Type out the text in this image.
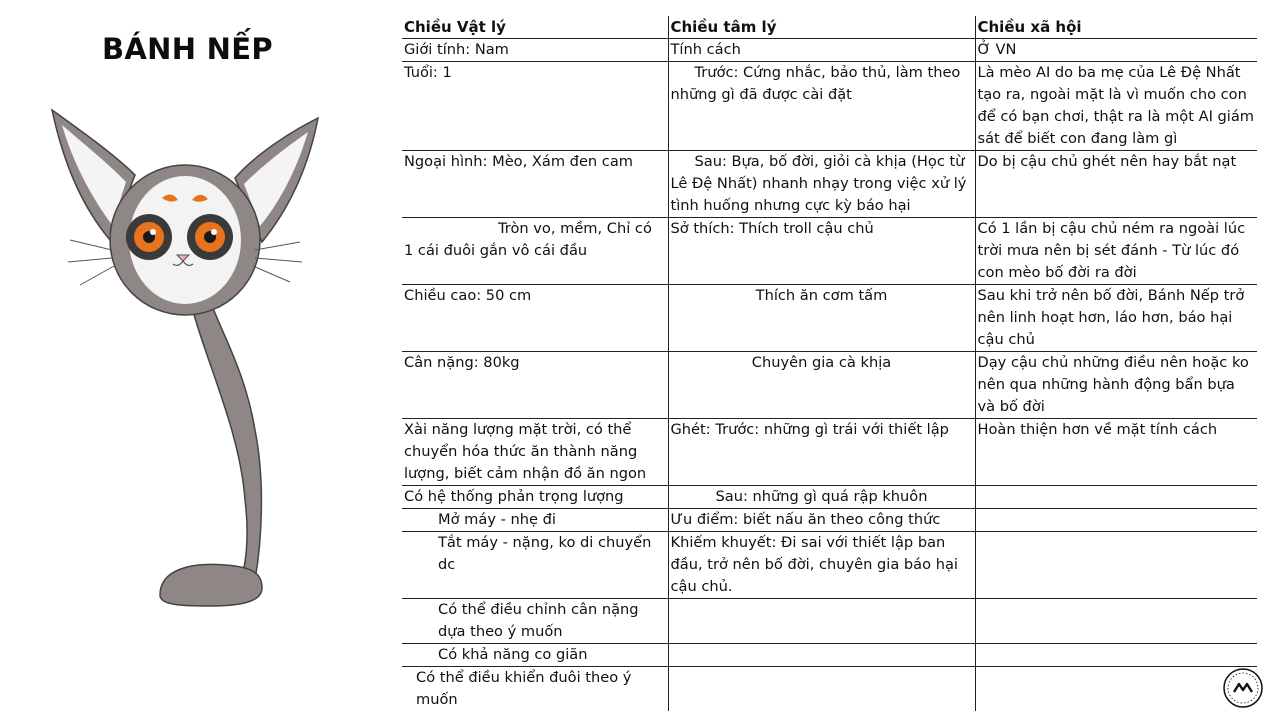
BÁNH NẾP
Chiều Vật lý	Chiều tâm lý	Chiều xã hội
Giới tính: Nam	Tính cách	Ở VN
Tuổi: 1	Trước: Cứng nhắc, bảo thủ, làm theo những gì đã được cài đặt	Là mèo AI do ba mẹ của Lê Đệ Nhất tạo ra, ngoài mặt là vì muốn cho con để có bạn chơi, thật ra là một AI giám sát để biết con đang làm gì
Ngoại hình: Mèo, Xám đen cam	Sau: Bựa, bố đời, giỏi cà khịa (Học từ Lê Đệ Nhất) nhanh nhạy trong việc xử lý tình huống nhưng cực kỳ báo hại	Do bị cậu chủ ghét nên hay bắt nạt
Tròn vo, mềm, Chỉ có 1 cái đuôi gắn vô cái đầu	Sở thích: Thích troll cậu chủ	Có 1 lần bị cậu chủ ném ra ngoài lúc trời mưa nên bị sét đánh - Từ lúc đó con mèo bố đời ra đời
Chiều cao: 50 cm	Thích ăn cơm tấm	Sau khi trở nên bố đời, Bánh Nếp trở nên linh hoạt hơn, láo hơn, báo hại cậu chủ
Cân nặng: 80kg	Chuyên gia cà khịa	Dạy cậu chủ những điều nên hoặc ko nên qua những hành động bẩn bựa và bố đời
Xài năng lượng mặt trời, có thể chuyển hóa thức ăn thành năng lượng, biết cảm nhận đồ ăn ngon	Ghét: Trước: những gì trái với thiết lập	Hoàn thiện hơn về mặt tính cách
Có hệ thống phản trọng lượng	Sau: những gì quá rập khuôn	
Mở máy - nhẹ đi	Ưu điểm: biết nấu ăn theo công thức	
Tắt máy - nặng, ko di chuyển dc	Khiếm khuyết: Đi sai với thiết lập ban đầu, trở nên bố đời, chuyên gia báo hại cậu chủ.	
Có thể điều chỉnh cân nặng dựa theo ý muốn		
Có khả năng co giãn		
Có thể điều khiển đuôi theo ý muốn		
